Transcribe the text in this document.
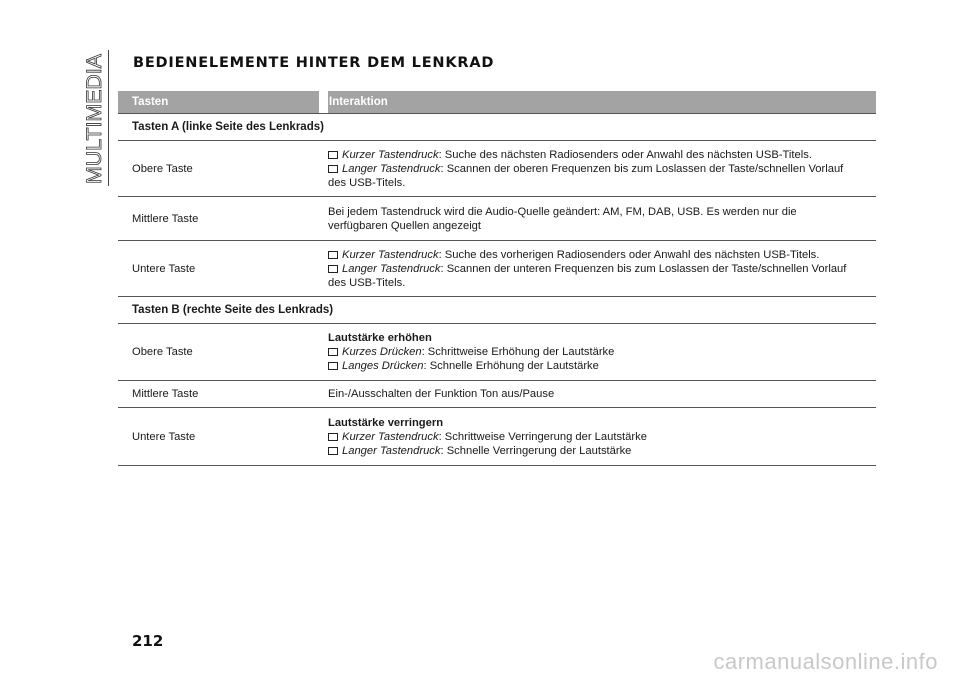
MULTIMEDIA BEDIENELEMENTE HINTER DEM LENKRAD
Tasten	Interaktion
Tasten A (linke Seite des Lenkrads)
Obere Taste
Kurzer Tastendruck: Suche des nächsten Radiosenders oder Anwahl des nächsten USB-Titels.
Langer Tastendruck: Scannen der oberen Frequenzen bis zum Loslassen der Taste/schnellen Vorlauf
des USB-Titels.
Mittlere Taste
Bei jedem Tastendruck wird die Audio-Quelle geändert: AM, FM, DAB, USB. Es werden nur die
verfügbaren Quellen angezeigt
Untere Taste
Kurzer Tastendruck: Suche des vorherigen Radiosenders oder Anwahl des nächsten USB-Titels.
Langer Tastendruck: Scannen der unteren Frequenzen bis zum Loslassen der Taste/schnellen Vorlauf
des USB-Titels.
Tasten B (rechte Seite des Lenkrads)
Obere Taste
Lautstärke erhöhen
Kurzes Drücken: Schrittweise Erhöhung der Lautstärke
Langes Drücken: Schnelle Erhöhung der Lautstärke
Mittlere Taste	Ein-/Ausschalten der Funktion Ton aus/Pause
Untere Taste
Lautstärke verringern
Kurzer Tastendruck: Schrittweise Verringerung der Lautstärke
Langer Tastendruck: Schnelle Verringerung der Lautstärke
212
carmanualsonline.info
